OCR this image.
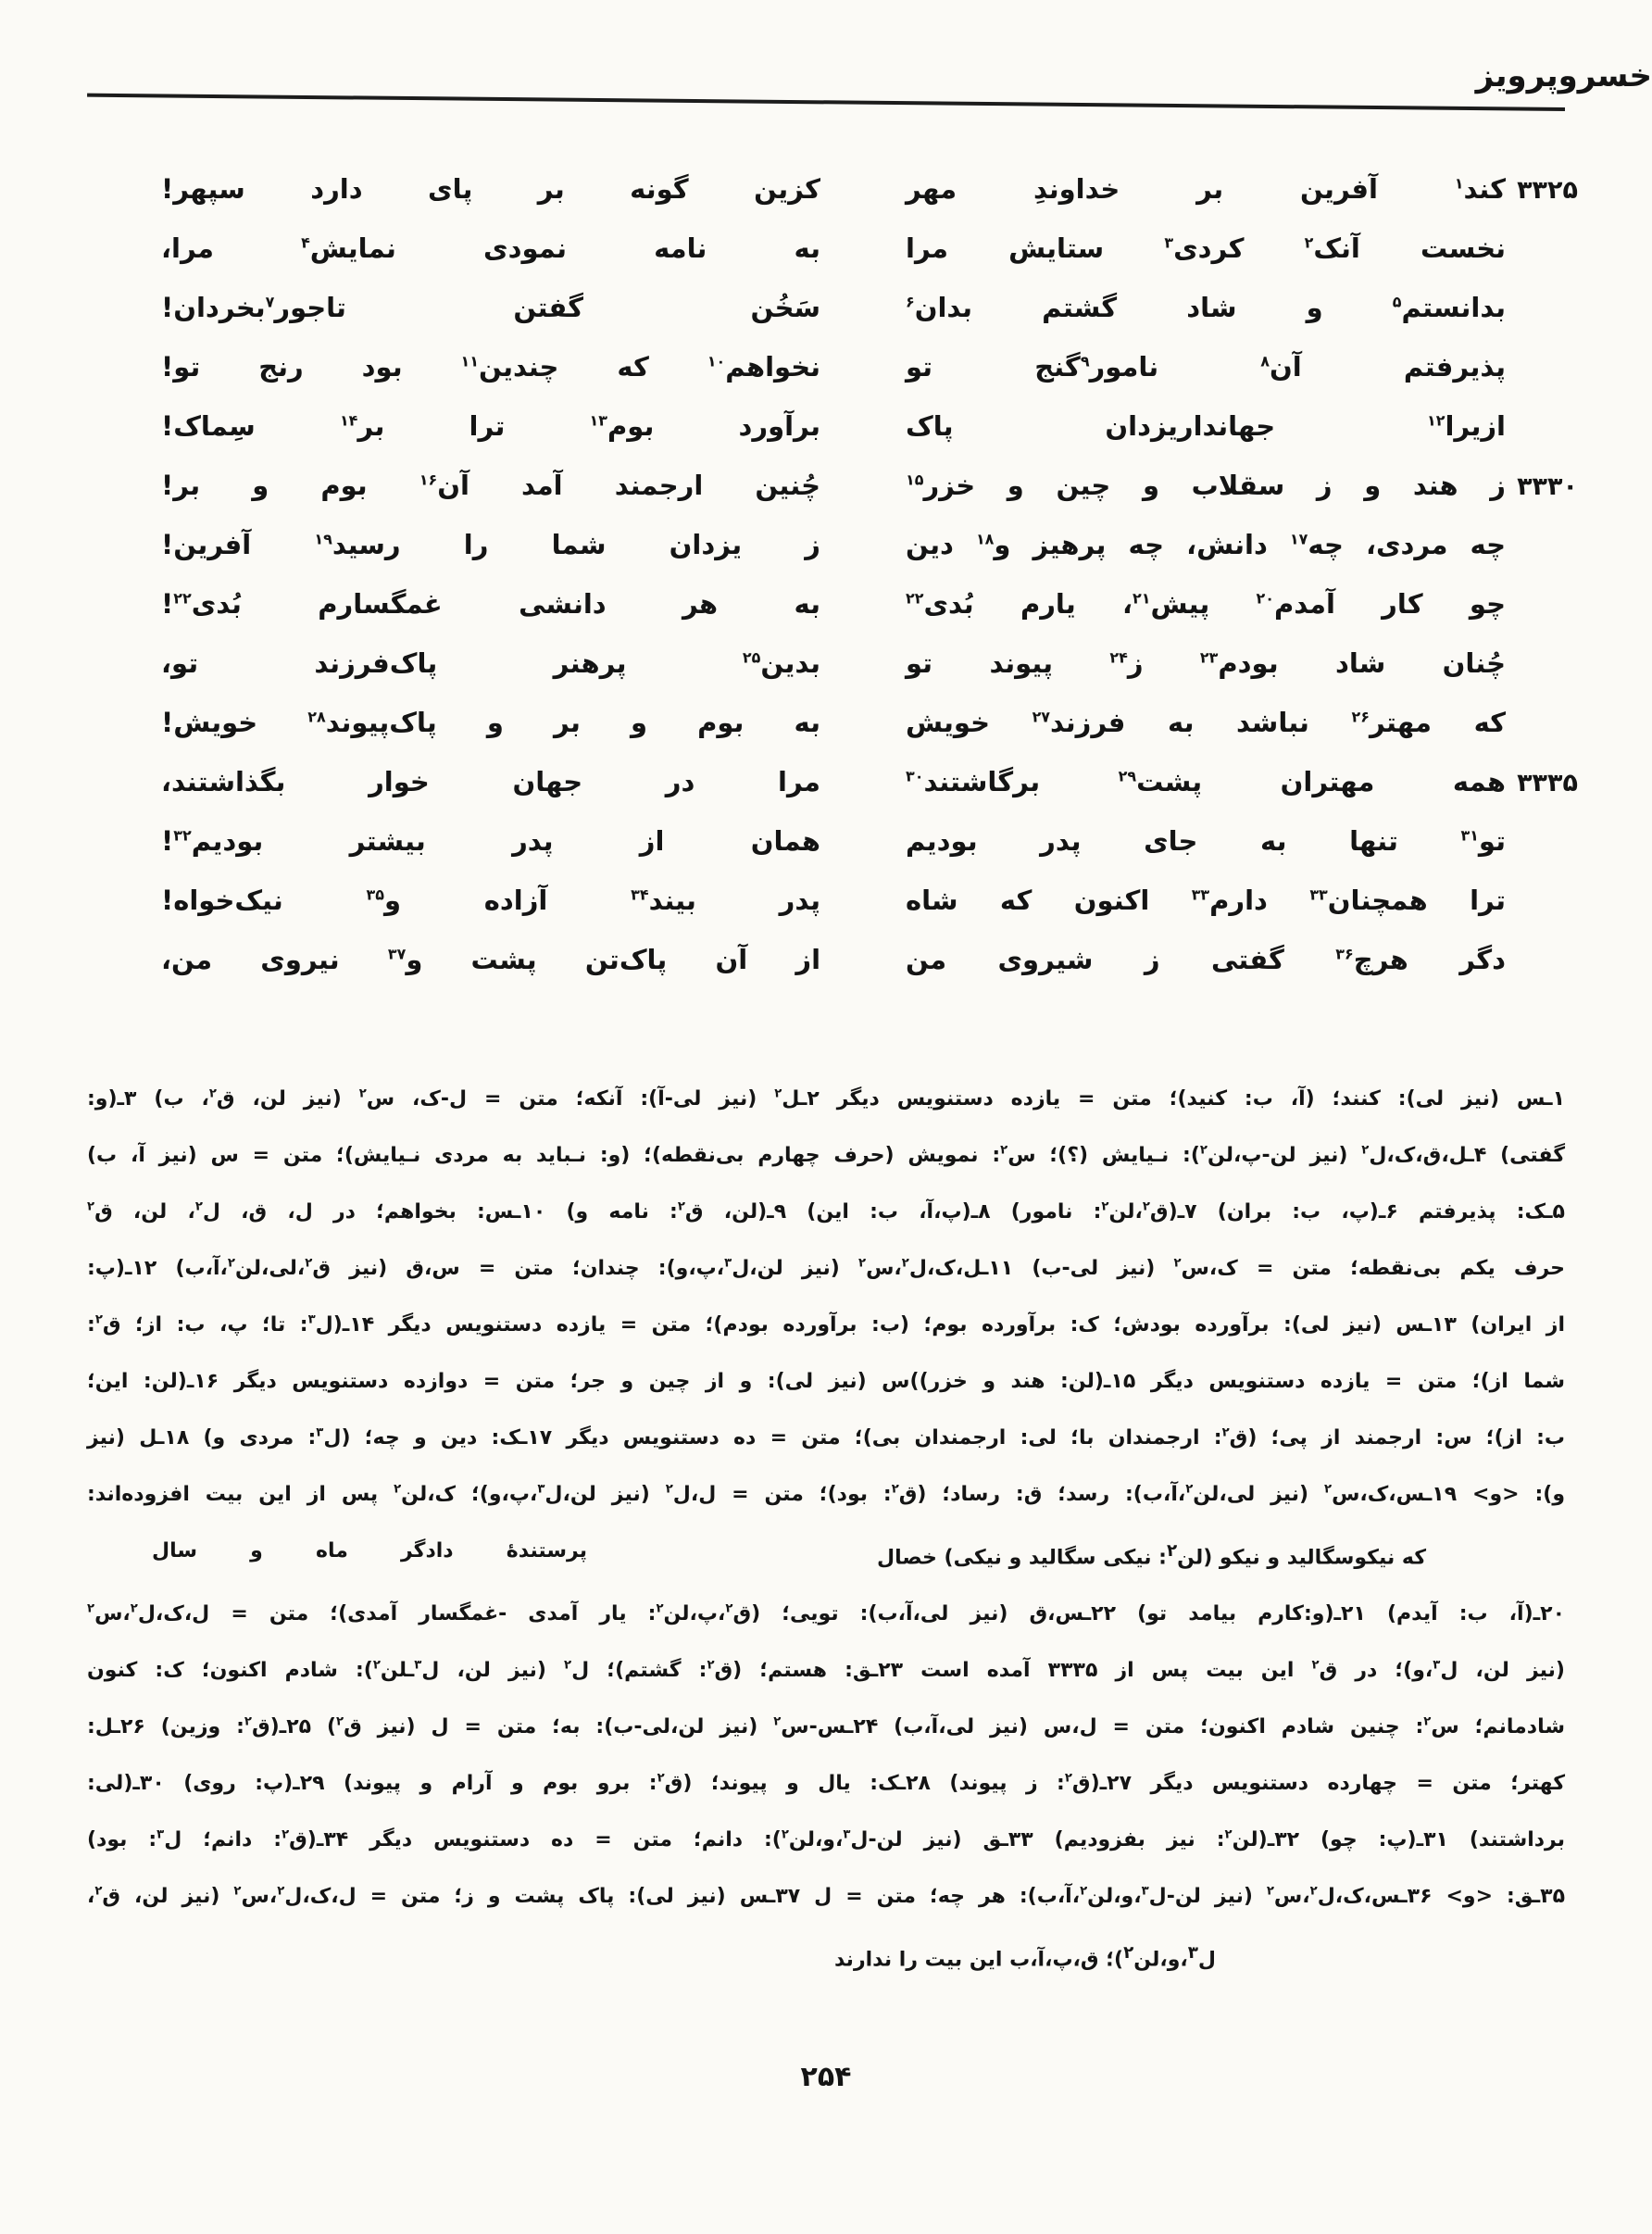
خسروپرویز
۳۳۲۵
کند$^۱$ آفرین بر خداوندِ مهر
کزین گونه بر پای دارد سپهر!
نخست آنک$^۲$ کردی$^۳$ ستایش مرا
به نامه نمودی نمایش$^۴$ مرا،
بدانستم$^۵$ و شاد گشتم بدان$^۶$
سَخُن گفتن تاجور$^۷$بخردان!
پذیرفتم آن$^۸$ نامور$^۹$گنج تو
نخواهم$^{۱۰}$ که چندین$^{۱۱}$ بود رنج تو!
ازیرا$^{۱۲}$ جهانداریزدان پاک
برآورد بوم$^{۱۳}$ ترا بر$^{۱۴}$ سِماک!
۳۳۳۰
ز هند و ز سقلاب و چین و خزر$^{۱۵}$
چُنین ارجمند آمد آن$^{۱۶}$ بوم و بر!
چه مردی، چه$^{۱۷}$ دانش، چه پرهیز و$^{۱۸}$ دین
ز یزدان شما را رسید$^{۱۹}$ آفرین!
چو کار آمدم$^{۲۰}$ پیش$^{۲۱}$، یارم بُدی$^{۲۲}$
به هر دانشی غمگسارم بُدی$^{۲۲}$!
چُنان شاد بودم$^{۲۳}$ ز$^{۲۴}$ پیوند تو
بدین$^{۲۵}$ پرهنر پاک‌فرزند تو،
که مهتر$^{۲۶}$ نباشد به فرزند$^{۲۷}$ خویش
به بوم و بر و پاک‌پیوند$^{۲۸}$ خویش!
۳۳۳۵
همه مهتران پشت$^{۲۹}$ برگاشتند$^{۳۰}$
مرا در جهان خوار بگذاشتند،
تو$^{۳۱}$ تنها به جای پدر بودیم
همان از پدر بیشتر بودیم$^{۳۲}$!
ترا همچنان$^{۳۳}$ دارم$^{۳۳}$ اکنون که شاه
پدر بیند$^{۳۴}$ آزاده و$^{۳۵}$ نیک‌خواه!
دگر هرچ$^{۳۶}$ گفتی ز شیروی من
از آن پاک‌تن پشت و$^{۳۷}$ نیروی من،
۱ـس (نیز لی): کنند؛ (آ، ب: کنید)؛ متن = یازده دستنویس دیگر ۲ـل$^۲$ (نیز لی-آ): آنکه؛ متن = ل-ک، س$^۲$ (نیز لن، ق$^۲$، ب) ۳ـ(و:
گفتی) ۴ـل،ق،ک،ل$^۲$ (نیز لن-پ،لن$^۲$): نـیایش (؟)؛ س$^۲$: نمویش (حرف چهارم بی‌نقطه)؛ (و: نـباید به مردی نـیایش)؛ متن = س (نیز آ، ب)
۵ـک: پذیرفتم ۶ـ(پ، ب: بران) ۷ـ(ق$^۲$،لن$^۲$: نامور) ۸ـ(پ،آ، ب: این) ۹ـ(لن، ق$^۲$: نامه و) ۱۰ـس: بخواهم؛ در ل، ق، ل$^۲$، لن، ق$^۲$
حرف یکم بی‌نقطه؛ متن = ک،س$^۲$ (نیز لی-ب) ۱۱ـل،ک،ل$^۲$،س$^۲$ (نیز لن،ل$^۳$،پ،و): چندان؛ متن = س،ق (نیز ق$^۲$،لی،لن$^۲$،آ،ب) ۱۲ـ(پ:
از ایران) ۱۳ـس (نیز لی): برآورده بودش؛ ک: برآورده بوم؛ (ب: برآورده بودم)؛ متن = یازده دستنویس دیگر ۱۴ـ(ل$^۳$: تا؛ پ، ب: از؛ ق$^۲$:
شما از)؛ متن = یازده دستنویس دیگر ۱۵ـ(لن: هند و خزر))س (نیز لی): و از چین و جر؛ متن = دوازده دستنویس دیگر ۱۶ـ(لن: این؛
ب: از)؛ س: ارجمند از پی؛ (ق$^۲$: ارجمندان با؛ لی: ارجمندان بی)؛ متن = ده دستنویس دیگر ۱۷ـک: دین و چه؛ (ل$^۳$: مردی و) ۱۸ـل (نیز
و): <و> ۱۹ـس،ک،س$^۲$ (نیز لی،لن$^۲$،آ،ب): رسد؛ ق: رساد؛ (ق$^۲$: بود)؛ متن = ل،ل$^۲$ (نیز لن،ل$^۳$،پ،و)؛ ک،لن$^۲$ پس از این بیت افزوده‌اند:
که نیکوسگالید و نیکو (لن$^۲$: نیکی سگالید و نیکی) خصال
پرستندهٔ دادگر ماه و سال
۲۰ـ(آ، ب: آیدم) ۲۱ـ(و:کارم بیامد تو) ۲۲ـس،ق (نیز لی،آ،ب): تویی؛ (ق$^۲$،پ،لن$^۲$: یار آمدی -غمگسار آمدی)؛ متن = ل،ک،ل$^۲$،س$^۲$
(نیز لن، ل$^۳$،و)؛ در ق$^۲$ این بیت پس از ۳۳۳۵ آمده است ۲۳ـق: هستم؛ (ق$^۲$: گشتم)؛ ل$^۲$ (نیز لن، ل$^۳$ـلن$^۲$): شادم اکنون؛ ک: کنون
شادمانم؛ س$^۲$: چنین شادم اکنون؛ متن = ل،س (نیز لی،آ،ب) ۲۴ـس-س$^۲$ (نیز لن،لی-ب): به؛ متن = ل (نیز ق$^۲$) ۲۵ـ(ق$^۲$: وزین) ۲۶ـل:
کهتر؛ متن = چهارده دستنویس دیگر ۲۷ـ(ق$^۲$: ز پیوند) ۲۸ـک: یال و پیوند؛ (ق$^۲$: برو بوم و آرام و پیوند) ۲۹ـ(پ: روی) ۳۰ـ(لی:
برداشتند) ۳۱ـ(پ: چو) ۳۲ـ(لن$^۲$: نیز بفزودیم) ۳۳ـق (نیز لن-ل$^۳$،و،لن$^۲$): دانم؛ متن = ده دستنویس دیگر ۳۴ـ(ق$^۲$: دانم؛ ل$^۳$: بود)
۳۵ـق: <و> ۳۶ـس،ک،ل$^۲$،س$^۲$ (نیز لن-ل$^۳$،و،لن$^۲$،آ،ب): هر چه؛ متن = ل ۳۷ـس (نیز لی): پاک پشت و ز؛ متن = ل،ک،ل$^۲$،س$^۲$ (نیز لن، ق$^۲$،
ل$^۳$،و،لن$^۲$)؛ ق،پ،آ،ب این بیت را ندارند
۲۵۴
